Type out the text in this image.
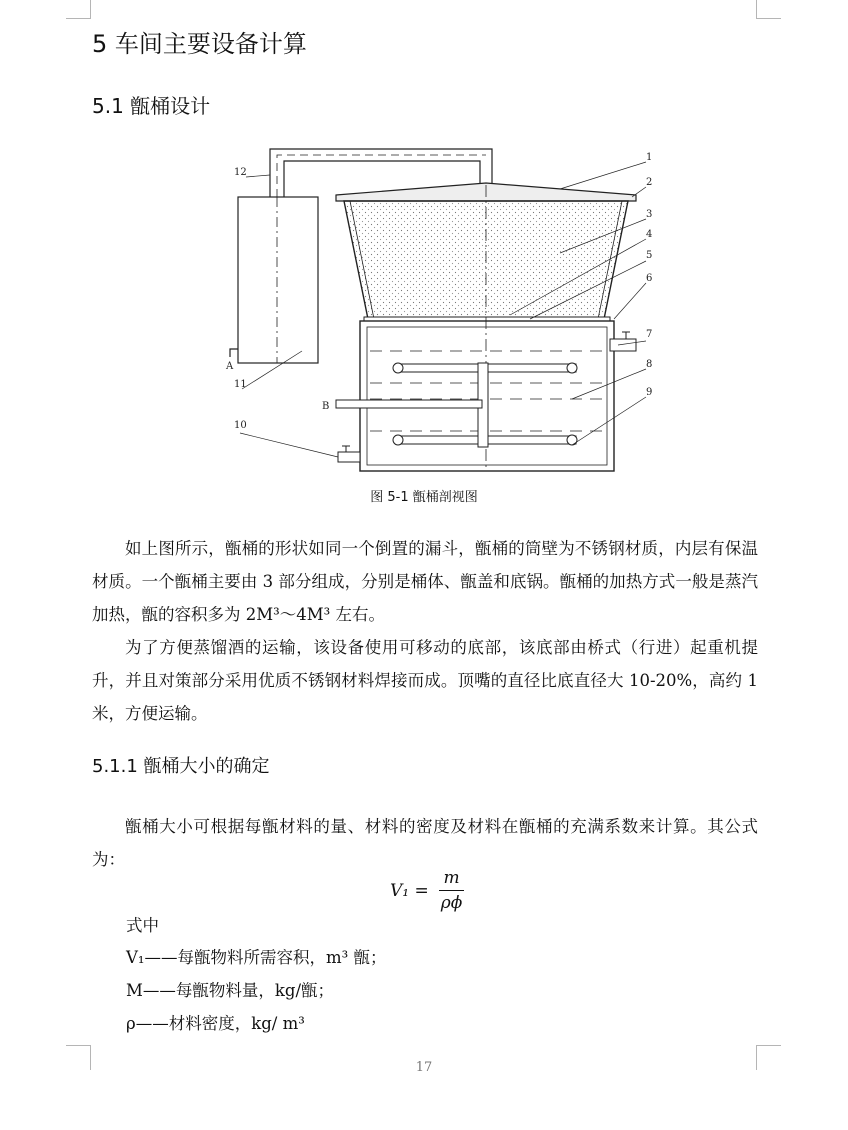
5 车间主要设备计算
5.1 甑桶设计
1
2
3
4
5
6
7
8
9
10
11
12
A
B
图 5-1 甑桶剖视图

如上图所示，甑桶的形状如同一个倒置的漏斗，甑桶的筒壁为不锈钢材质，内层有保温材质。一个甑桶主要由 3 部分组成，分别是桶体、甑盖和底锅。甑桶的加热方式一般是蒸汽加热，甑的容积多为 2M³～4M³ 左右。

为了方便蒸馏酒的运输，该设备使用可移动的底部，该底部由桥式（行进）起重机提升，并且对策部分采用优质不锈钢材料焊接而成。顶嘴的直径比底直径大 10-20%，高约 1 米，方便运输。

5.1.1 甑桶大小的确定

甑桶大小可根据每甑材料的量、材料的密度及材料在甑桶的充满系数来计算。其公式为：

$V_1 = \frac{m}{\rho\phi}$

式中

V₁——每甑物料所需容积，m³ 甑；

M——每甑物料量，kg/甑；

ρ——材料密度，kg/ m³

17
